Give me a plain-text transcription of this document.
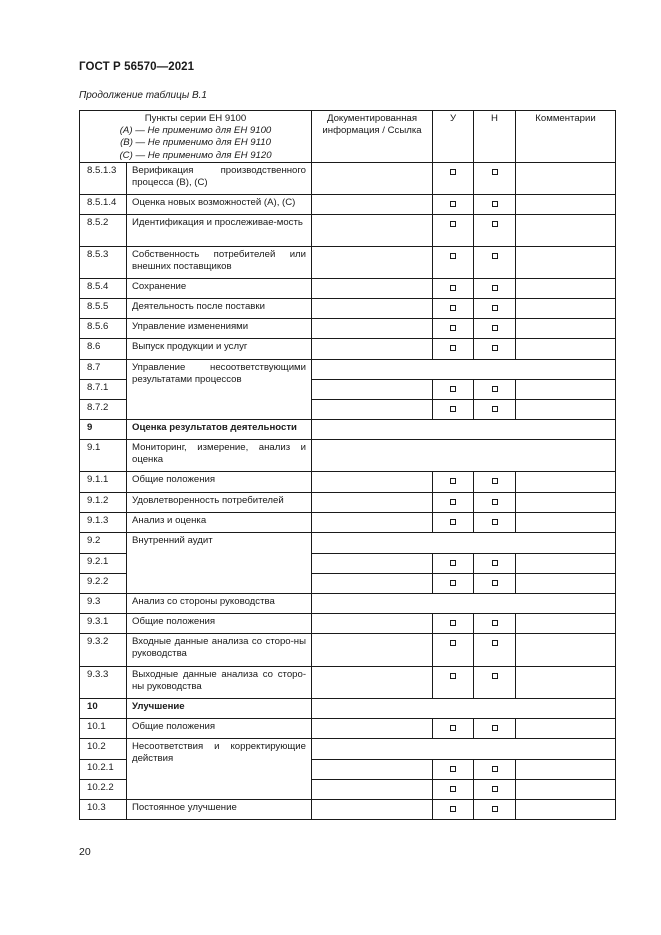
ГОСТ Р 56570—2021
Продолжение таблицы В.1
Пункты серии ЕН 9100
(А) — Не применимо для ЕН 9100
(В) — Не применимо для ЕН 9110
(С) — Не применимо для ЕН 9120		Документированная информация / Ссылка	У	Н	Комментарии
8.5.1.3	Верификация производственного процесса (В), (С)				
8.5.1.4	Оценка новых возможностей (А), (С)				
8.5.2	Идентификация и прослеживае-мость				
8.5.3	Собственность потребителей или внешних поставщиков				
8.5.4	Сохранение				
8.5.5	Деятельность после поставки				
8.5.6	Управление изменениями				
8.6	Выпуск продукции и услуг				
8.7	Управление несоответствующими результатами процессов				
8.7.1					
8.7.2					
9	Оценка результатов деятельности				
9.1	Мониторинг, измерение, анализ и оценка				
9.1.1	Общие положения				
9.1.2	Удовлетворенность потребителей				
9.1.3	Анализ и оценка				
9.2	Внутренний аудит				
9.2.1					
9.2.2					
9.3	Анализ со стороны руководства				
9.3.1	Общие положения				
9.3.2	Входные данные анализа со сторо-ны руководства				
9.3.3	Выходные данные анализа со сторо-ны руководства				
10	Улучшение				
10.1	Общие положения				
10.2	Несоответствия и корректирующие действия				
10.2.1					
10.2.2					
10.3	Постоянное улучшение				
20
